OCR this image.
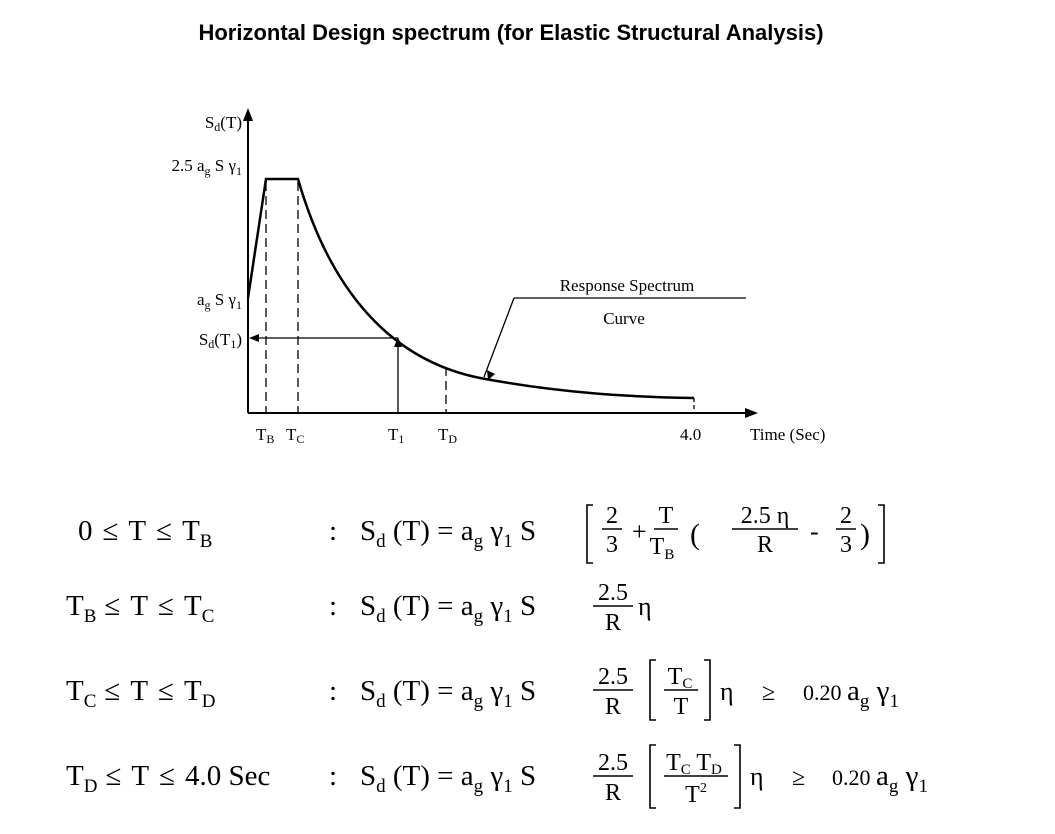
Horizontal Design spectrum (for Elastic Structural Analysis)
Response Spectrum
Curve
Sd(T)
2.5 $a_g$ S $\gamma_1$
$a_g$ S $\gamma_1$
Sd(T1)
TB TC	T1 TD	4.0	Time (Sec)
$0 \le T \le T_B$	: $S_d$ $(T) = a_g$ $\gamma_1$ S	2
3 +
T
$T_B$
(
2.5 η
R -
2
3 )
$T_B \le T \le T_C$	: $S_d$ $(T) = a_g$ $\gamma_1$ S	2.5
R
η
$T_C \le T \le T_D$	: $S_d$ $(T) = a_g$ $\gamma_1$ S	2.5
R
TC
T
η ≥ 0.20 ag γ1
$T_D \le T \le 4.0$ Sec : $S_d$ $(T) = a_g$ $\gamma_1$ S	2.5
R
TC TD
$T^2$ η ≥ 0.20 ag γ1
